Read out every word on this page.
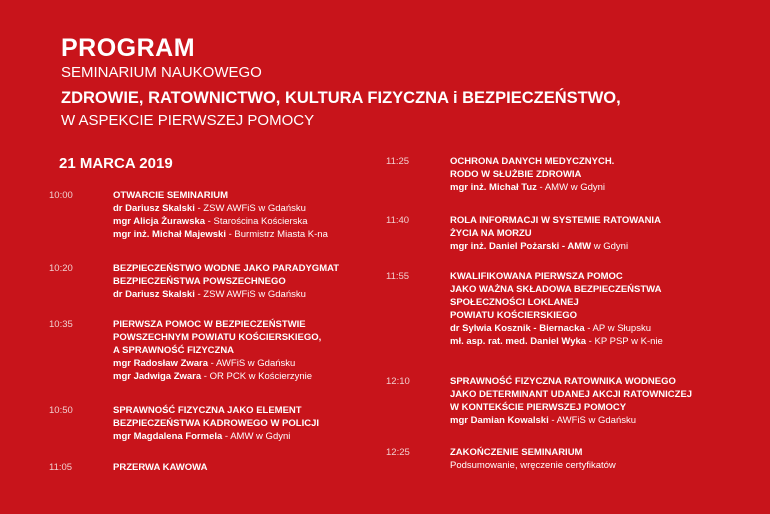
PROGRAM
SEMINARIUM NAUKOWEGO
ZDROWIE, RATOWNICTWO, KULTURA FIZYCZNA i BEZPIECZEŃSTWO,
W ASPEKCIE PIERWSZEJ POMOCY
21 MARCA 2019
10:00	OTWARCIE SEMINARIUM
dr Dariusz Skalski - ZSW AWFiS w Gdańsku
mgr Alicja Żurawska - Starościna Kościerska
mgr inż. Michał Majewski - Burmistrz Miasta K-na
10:20	BEZPIECZEŃSTWO WODNE JAKO PARADYGMAT
BEZPIECZEŃSTWA POWSZECHNEGO
dr Dariusz Skalski - ZSW AWFiS w Gdańsku
10:35	PIERWSZA POMOC W BEZPIECZEŃSTWIE
POWSZECHNYM POWIATU KOŚCIERSKIEGO,
A SPRAWNOŚĆ FIZYCZNA
mgr Radosław Zwara - AWFiS w Gdańsku
mgr Jadwiga Zwara - OR PCK w Kościerzynie
10:50	SPRAWNOŚĆ FIZYCZNA JAKO ELEMENT
BEZPIECZEŃSTWA KADROWEGO W POLICJI
mgr Magdalena Formela - AMW w Gdyni
11:05	PRZERWA KAWOWA
11:25	OCHRONA DANYCH MEDYCZNYCH.
RODO W SŁUŻBIE ZDROWIA
mgr inż. Michał Tuz - AMW w Gdyni
11:40	ROLA INFORMACJI W SYSTEMIE RATOWANIA
ŻYCIA NA MORZU
mgr inż. Daniel Pożarski - AMW w Gdyni
11:55	KWALIFIKOWANA PIERWSZA POMOC
JAKO WAŻNA SKŁADOWA BEZPIECZEŃSTWA
SPOŁECZNOŚCI LOKLANEJ
POWIATU KOŚCIERSKIEGO
dr Sylwia Kosznik - Biernacka - AP w Słupsku
mł. asp. rat. med. Daniel Wyka - KP PSP w K-nie
12:10	SPRAWNOŚĆ FIZYCZNA RATOWNIKA WODNEGO
JAKO DETERMINANT UDANEJ AKCJI RATOWNICZEJ
W KONTEKŚCIE PIERWSZEJ POMOCY
mgr Damian Kowalski - AWFiS w Gdańsku
12:25	ZAKOŃCZENIE SEMINARIUM
Podsumowanie, wręczenie certyfikatów
